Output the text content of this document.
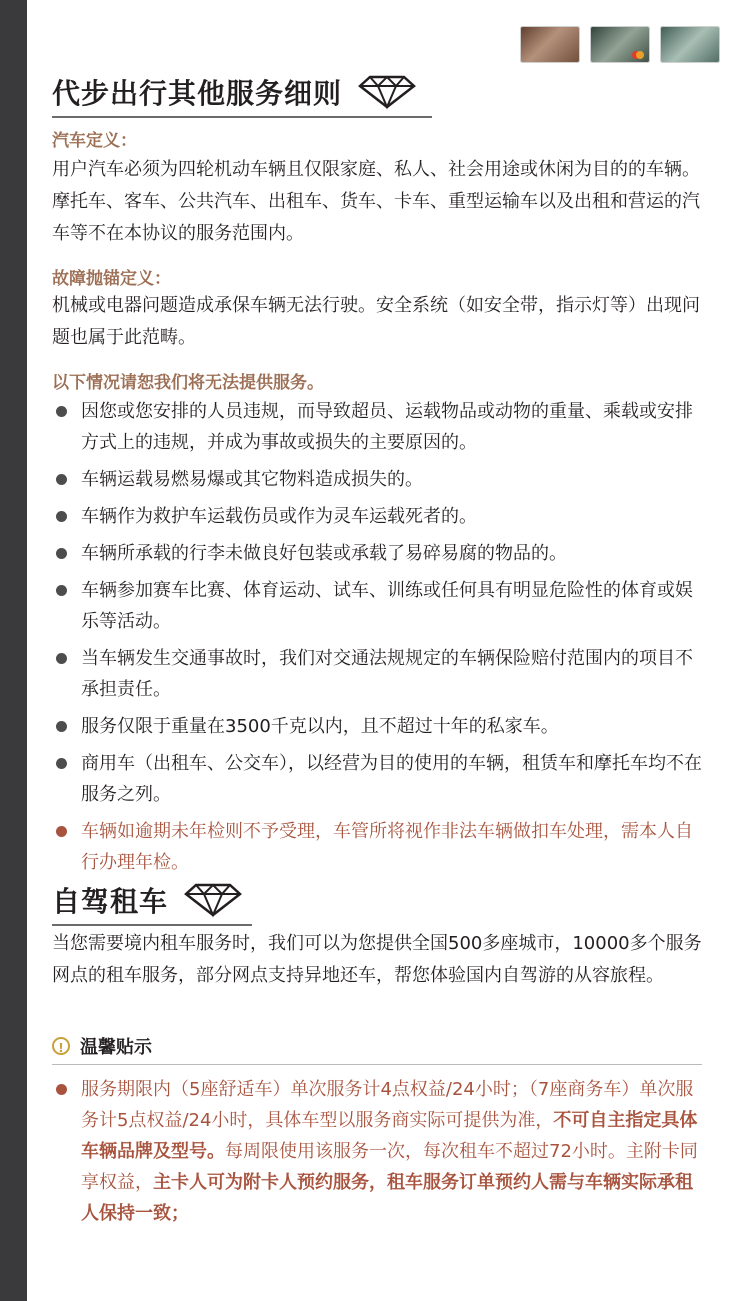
代步出行其他服务细则
汽车定义：

用户汽车必须为四轮机动车辆且仅限家庭、私人、社会用途或休闲为目的的车辆。摩托车、客车、公共汽车、出租车、货车、卡车、重型运输车以及出租和营运的汽车等不在本协议的服务范围内。

故障抛锚定义：

机械或电器问题造成承保车辆无法行驶。安全系统（如安全带，指示灯等）出现问题也属于此范畴。

以下情况请恕我们将无法提供服务。
因您或您安排的人员违规，而导致超员、运载物品或动物的重量、乘载或安排方式上的违规，并成为事故或损失的主要原因的。
车辆运载易燃易爆或其它物料造成损失的。
车辆作为救护车运载伤员或作为灵车运载死者的。
车辆所承载的行李未做良好包装或承载了易碎易腐的物品的。
车辆参加赛车比赛、体育运动、试车、训练或任何具有明显危险性的体育或娱乐等活动。
当车辆发生交通事故时，我们对交通法规规定的车辆保险赔付范围内的项目不承担责任。
服务仅限于重量在3500千克以内，且不超过十年的私家车。
商用车（出租车、公交车），以经营为目的使用的车辆，租赁车和摩托车均不在服务之列。
车辆如逾期未年检则不予受理，车管所将视作非法车辆做扣车处理，需本人自行办理年检。
自驾租车

当您需要境内租车服务时，我们可以为您提供全国500多座城市，10000多个服务网点的租车服务，部分网点支持异地还车，帮您体验国内自驾游的从容旅程。

! 温馨贴示

服务期限内（5座舒适车）单次服务计4点权益/24小时；（7座商务车）单次服务计5点权益/24小时，具体车型以服务商实际可提供为准，不可自主指定具体车辆品牌及型号。每周限使用该服务一次，每次租车不超过72小时。主附卡同享权益，主卡人可为附卡人预约服务，租车服务订单预约人需与车辆实际承租人保持一致；
